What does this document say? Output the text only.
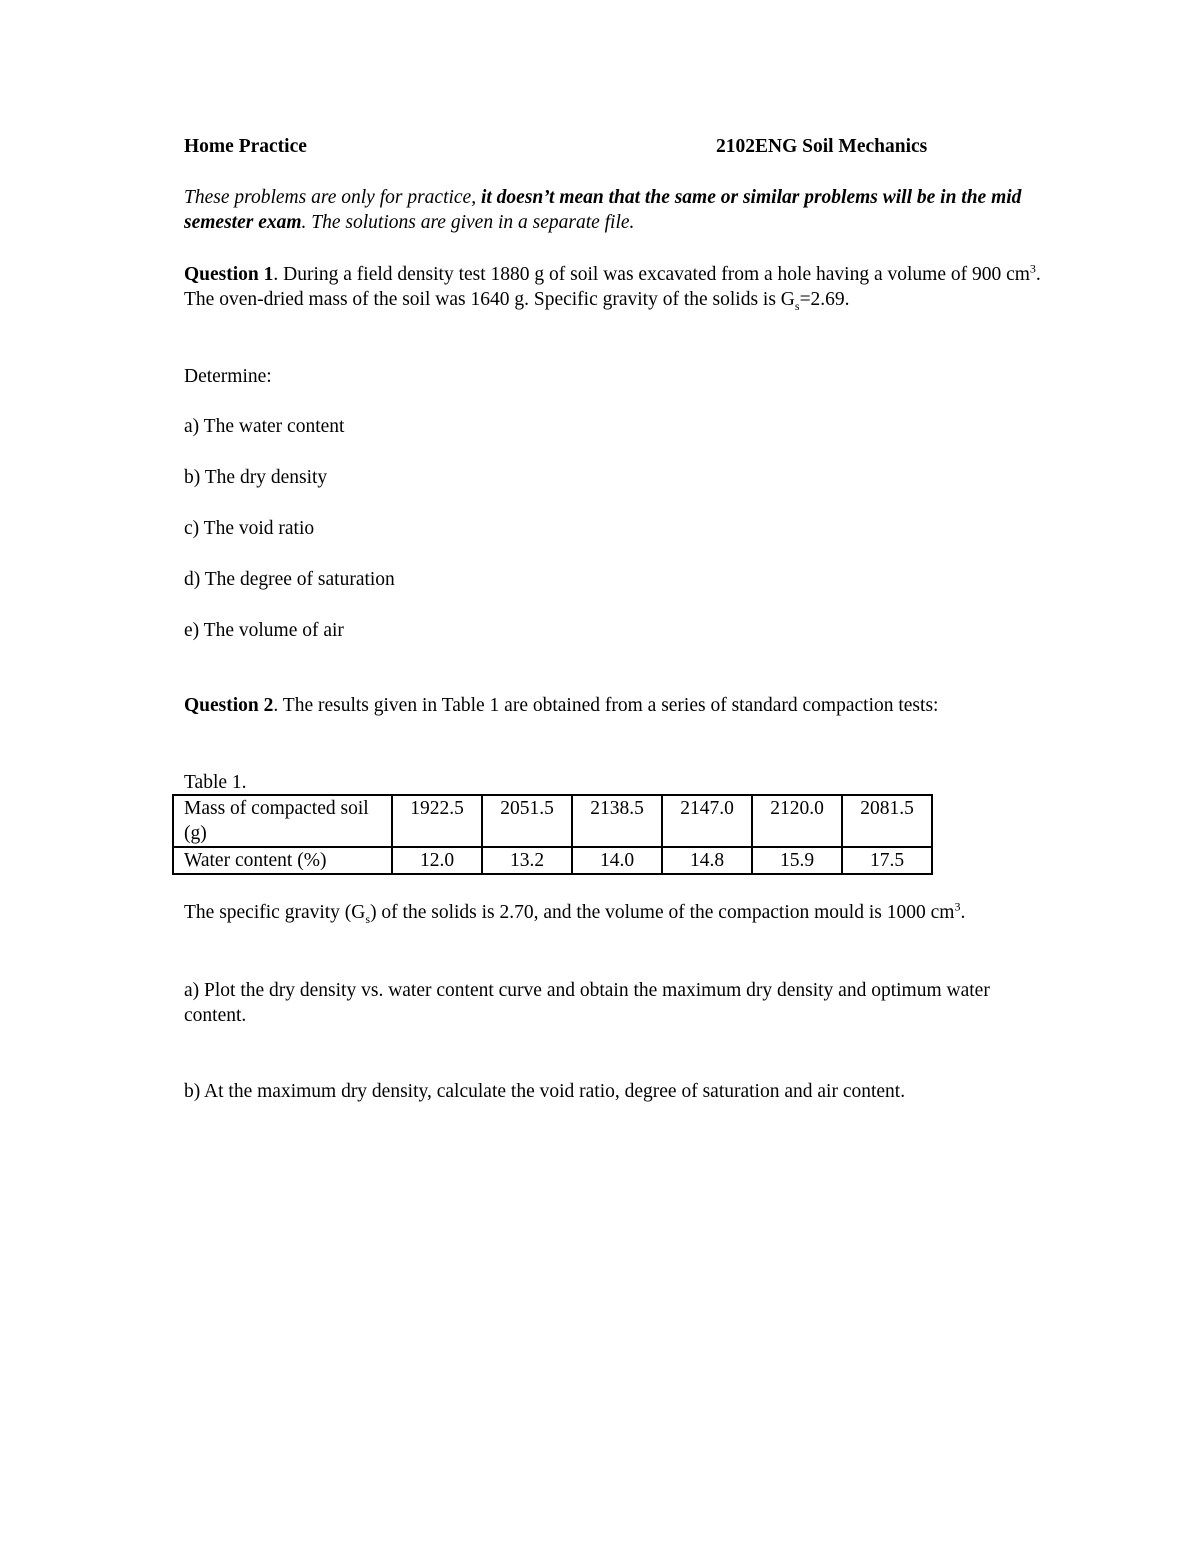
Home Practice	2102ENG Soil Mechanics
These problems are only for practice, it doesn’t mean that the same or similar problems will be in the mid semester exam. The solutions are given in a separate file.
Question 1. During a field density test 1880 g of soil was excavated from a hole having a volume of 900 $cm^3$. The oven-dried mass of the soil was 1640 g. Specific gravity of the solids is $G_s=2.69$.
Determine:
a) The water content
b) The dry density
c) The void ratio
d) The degree of saturation
e) The volume of air
Question 2. The results given in Table 1 are obtained from a series of standard compaction tests:
Table 1.
Mass of compacted soil (g)	1922.5	2051.5	2138.5	2147.0	2120.0	2081.5
Water content (%)	12.0	13.2	14.0	14.8	15.9	17.5
The specific gravity $(G_s)$ of the solids is 2.70, and the volume of the compaction mould is 1000 $cm^3$.
a) Plot the dry density vs. water content curve and obtain the maximum dry density and optimum water content.
b) At the maximum dry density, calculate the void ratio, degree of saturation and air content.
